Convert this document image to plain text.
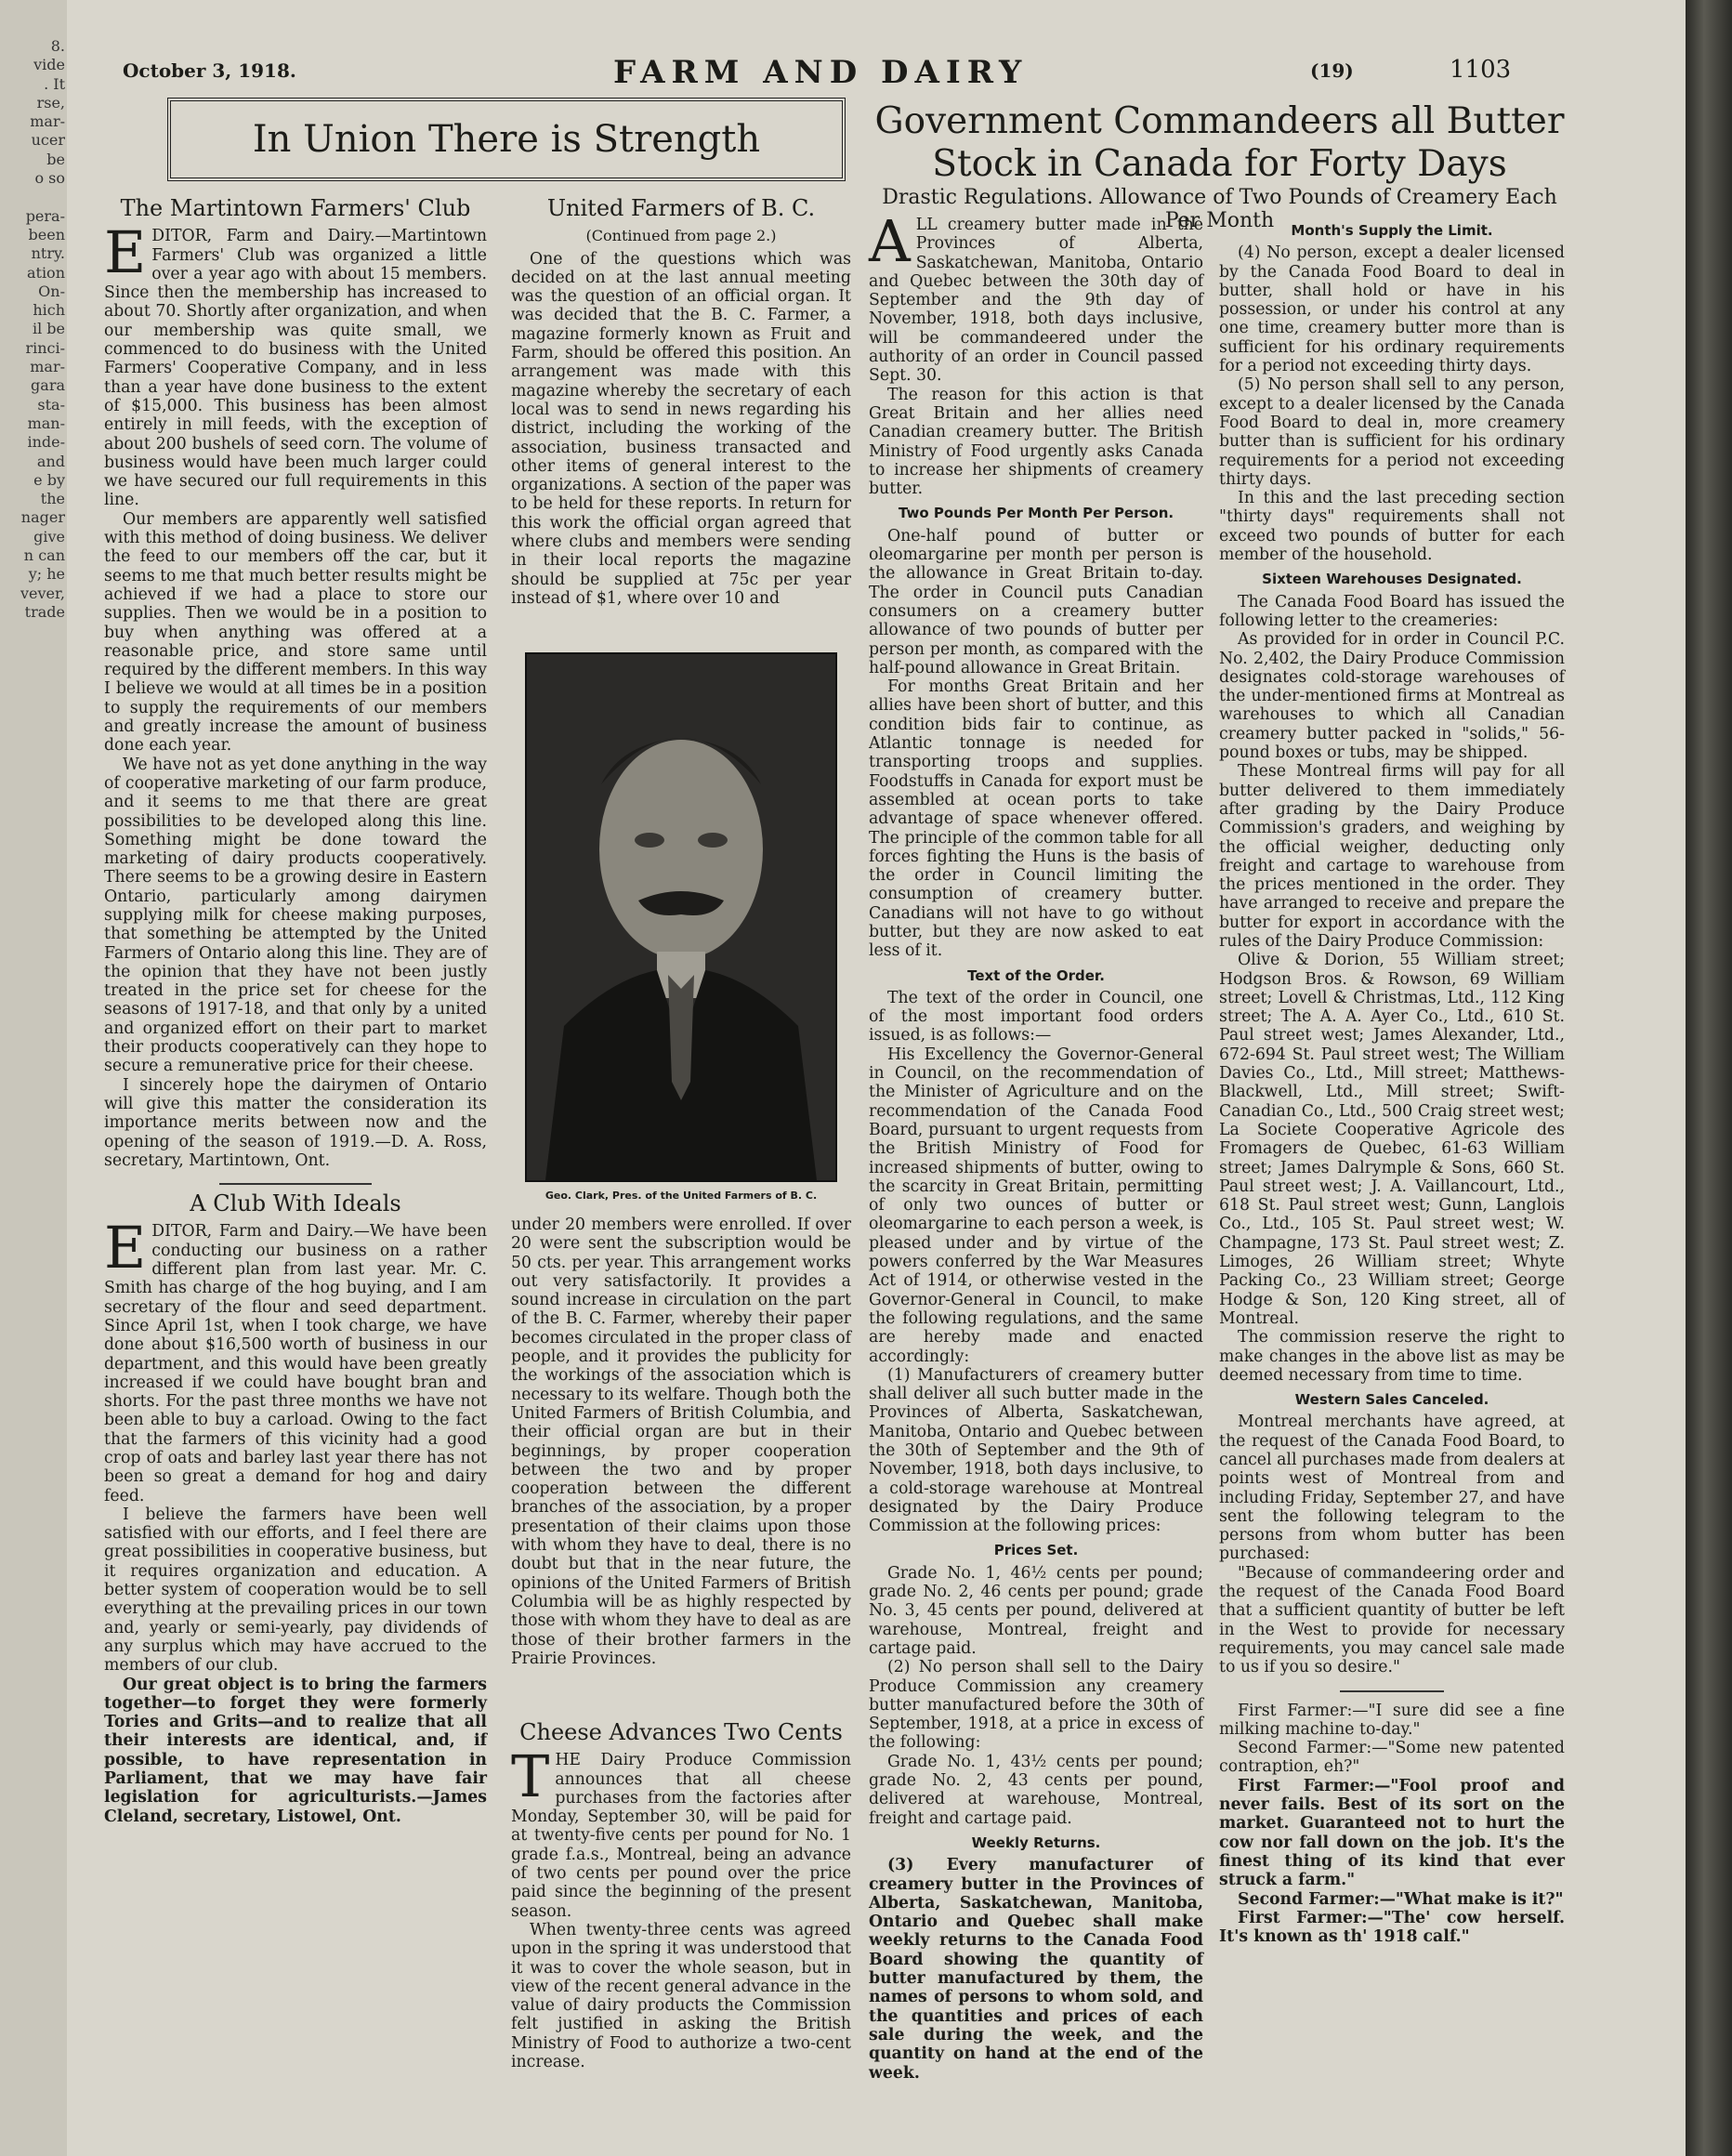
8.
vide
. It
rse,
mar-
ucer
be
o so
pera-
been
ntry.
ation
On-
hich
il be
rinci-
mar-
gara
sta-
man-
inde-
and
e by
the
nager
give
n can
y; he
vever,
trade
October 3, 1918.	FARM AND DAIRY	(19)	1103
In Union There is Strength	Government Commandeers all Butter Stock in Canada for Forty Days
Drastic Regulations. Allowance of Two Pounds of Creamery Each Per Month
The Martintown Farmers' Club

EDITOR, Farm and Dairy.—Martintown Farmers' Club was organized a little over a year ago with about 15 members. Since then the membership has increased to about 70. Shortly after organization, and when our membership was quite small, we commenced to do business with the United Farmers' Cooperative Company, and in less than a year have done business to the extent of $15,000. This business has been almost entirely in mill feeds, with the exception of about 200 bushels of seed corn. The volume of business would have been much larger could we have secured our full requirements in this line.

Our members are apparently well satisfied with this method of doing business. We deliver the feed to our members off the car, but it seems to me that much better results might be achieved if we had a place to store our supplies. Then we would be in a position to buy when anything was offered at a reasonable price, and store same until required by the different members. In this way I believe we would at all times be in a position to supply the requirements of our members and greatly increase the amount of business done each year.

We have not as yet done anything in the way of cooperative marketing of our farm produce, and it seems to me that there are great possibilities to be developed along this line. Something might be done toward the marketing of dairy products cooperatively. There seems to be a growing desire in Eastern Ontario, particularly among dairymen supplying milk for cheese making purposes, that something be attempted by the United Farmers of Ontario along this line. They are of the opinion that they have not been justly treated in the price set for cheese for the seasons of 1917-18, and that only by a united and organized effort on their part to market their products cooperatively can they hope to secure a remunerative price for their cheese.

I sincerely hope the dairymen of Ontario will give this matter the consideration its importance merits between now and the opening of the season of 1919.—D. A. Ross, secretary, Martintown, Ont.

A Club With Ideals

EDITOR, Farm and Dairy.—We have been conducting our business on a rather different plan from last year. Mr. C. Smith has charge of the hog buying, and I am secretary of the flour and seed department. Since April 1st, when I took charge, we have done about $16,500 worth of business in our department, and this would have been greatly increased if we could have bought bran and shorts. For the past three months we have not been able to buy a carload. Owing to the fact that the farmers of this vicinity had a good crop of oats and barley last year there has not been so great a demand for hog and dairy feed.

I believe the farmers have been well satisfied with our efforts, and I feel there are great possibilities in cooperative business, but it requires organization and education. A better system of cooperation would be to sell everything at the prevailing prices in our town and, yearly or semi-yearly, pay dividends of any surplus which may have accrued to the members of our club.

Our great object is to bring the farmers together—to forget they were formerly Tories and Grits—and to realize that all their interests are identical, and, if possible, to have representation in Parliament, that we may have fair legislation for agriculturists.—James Cleland, secretary, Listowel, Ont.

United Farmers of B. C.
(Continued from page 2.)

One of the questions which was decided on at the last annual meeting was the question of an official organ. It was decided that the B. C. Farmer, a magazine formerly known as Fruit and Farm, should be offered this position. An arrangement was made with this magazine whereby the secretary of each local was to send in news regarding his district, including the working of the association, business transacted and other items of general interest to the organizations. A section of the paper was to be held for these reports. In return for this work the official organ agreed that where clubs and members were sending in their local reports the magazine should be supplied at 75c per year instead of $1, where over 10 and

Geo. Clark, Pres. of the United Farmers of B. C.

under 20 members were enrolled. If over 20 were sent the subscription would be 50 cts. per year. This arrangement works out very satisfactorily. It provides a sound increase in circulation on the part of the B. C. Farmer, whereby their paper becomes circulated in the proper class of people, and it provides the publicity for the workings of the association which is necessary to its welfare. Though both the United Farmers of British Columbia, and their official organ are but in their beginnings, by proper cooperation between the two and by proper cooperation between the different branches of the association, by a proper presentation of their claims upon those with whom they have to deal, there is no doubt but that in the near future, the opinions of the United Farmers of British Columbia will be as highly respected by those with whom they have to deal as are those of their brother farmers in the Prairie Provinces.

Cheese Advances Two Cents

THE Dairy Produce Commission announces that all cheese purchases from the factories after Monday, September 30, will be paid for at twenty-five cents per pound for No. 1 grade f.a.s., Montreal, being an advance of two cents per pound over the price paid since the beginning of the present season.

When twenty-three cents was agreed upon in the spring it was understood that it was to cover the whole season, but in view of the recent general advance in the value of dairy products the Commission felt justified in asking the British Ministry of Food to authorize a two-cent increase.

ALL creamery butter made in the Provinces of Alberta, Saskatchewan, Manitoba, Ontario and Quebec between the 30th day of September and the 9th day of November, 1918, both days inclusive, will be commandeered under the authority of an order in Council passed Sept. 30.

The reason for this action is that Great Britain and her allies need Canadian creamery butter. The British Ministry of Food urgently asks Canada to increase her shipments of creamery butter.

Two Pounds Per Month Per Person.

One-half pound of butter or oleomargarine per month per person is the allowance in Great Britain to-day. The order in Council puts Canadian consumers on a creamery butter allowance of two pounds of butter per person per month, as compared with the half-pound allowance in Great Britain.

For months Great Britain and her allies have been short of butter, and this condition bids fair to continue, as Atlantic tonnage is needed for transporting troops and supplies. Foodstuffs in Canada for export must be assembled at ocean ports to take advantage of space whenever offered. The principle of the common table for all forces fighting the Huns is the basis of the order in Council limiting the consumption of creamery butter. Canadians will not have to go without butter, but they are now asked to eat less of it.

Text of the Order.

The text of the order in Council, one of the most important food orders issued, is as follows:—

His Excellency the Governor-General in Council, on the recommendation of the Minister of Agriculture and on the recommendation of the Canada Food Board, pursuant to urgent requests from the British Ministry of Food for increased shipments of butter, owing to the scarcity in Great Britain, permitting of only two ounces of butter or oleomargarine to each person a week, is pleased under and by virtue of the powers conferred by the War Measures Act of 1914, or otherwise vested in the Governor-General in Council, to make the following regulations, and the same are hereby made and enacted accordingly:

(1) Manufacturers of creamery butter shall deliver all such butter made in the Provinces of Alberta, Saskatchewan, Manitoba, Ontario and Quebec between the 30th of September and the 9th of November, 1918, both days inclusive, to a cold-storage warehouse at Montreal designated by the Dairy Produce Commission at the following prices:

Prices Set.

Grade No. 1, 46½ cents per pound; grade No. 2, 46 cents per pound; grade No. 3, 45 cents per pound, delivered at warehouse, Montreal, freight and cartage paid.

(2) No person shall sell to the Dairy Produce Commission any creamery butter manufactured before the 30th of September, 1918, at a price in excess of the following:

Grade No. 1, 43½ cents per pound; grade No. 2, 43 cents per pound, delivered at warehouse, Montreal, freight and cartage paid.

Weekly Returns.

(3) Every manufacturer of creamery butter in the Provinces of Alberta, Saskatchewan, Manitoba, Ontario and Quebec shall make weekly returns to the Canada Food Board showing the quantity of butter manufactured by them, the names of persons to whom sold, and the quantities and prices of each sale during the week, and the quantity on hand at the end of the week.

Month's Supply the Limit.

(4) No person, except a dealer licensed by the Canada Food Board to deal in butter, shall hold or have in his possession, or under his control at any one time, creamery butter more than is sufficient for his ordinary requirements for a period not exceeding thirty days.

(5) No person shall sell to any person, except to a dealer licensed by the Canada Food Board to deal in, more creamery butter than is sufficient for his ordinary requirements for a period not exceeding thirty days.

In this and the last preceding section "thirty days" requirements shall not exceed two pounds of butter for each member of the household.

Sixteen Warehouses Designated.

The Canada Food Board has issued the following letter to the creameries:

As provided for in order in Council P.C. No. 2,402, the Dairy Produce Commission designates cold-storage warehouses of the under-mentioned firms at Montreal as warehouses to which all Canadian creamery butter packed in "solids," 56-pound boxes or tubs, may be shipped.

These Montreal firms will pay for all butter delivered to them immediately after grading by the Dairy Produce Commission's graders, and weighing by the official weigher, deducting only freight and cartage to warehouse from the prices mentioned in the order. They have arranged to receive and prepare the butter for export in accordance with the rules of the Dairy Produce Commission:

Olive & Dorion, 55 William street; Hodgson Bros. & Rowson, 69 William street; Lovell & Christmas, Ltd., 112 King street; The A. A. Ayer Co., Ltd., 610 St. Paul street west; James Alexander, Ltd., 672-694 St. Paul street west; The William Davies Co., Ltd., Mill street; Matthews-Blackwell, Ltd., Mill street; Swift-Canadian Co., Ltd., 500 Craig street west; La Societe Cooperative Agricole des Fromagers de Quebec, 61-63 William street; James Dalrymple & Sons, 660 St. Paul street west; J. A. Vaillancourt, Ltd., 618 St. Paul street west; Gunn, Langlois Co., Ltd., 105 St. Paul street west; W. Champagne, 173 St. Paul street west; Z. Limoges, 26 William street; Whyte Packing Co., 23 William street; George Hodge & Son, 120 King street, all of Montreal.

The commission reserve the right to make changes in the above list as may be deemed necessary from time to time.

Western Sales Canceled.

Montreal merchants have agreed, at the request of the Canada Food Board, to cancel all purchases made from dealers at points west of Montreal from and including Friday, September 27, and have sent the following telegram to the persons from whom butter has been purchased:

"Because of commandeering order and the request of the Canada Food Board that a sufficient quantity of butter be left in the West to provide for necessary requirements, you may cancel sale made to us if you so desire."

First Farmer:—"I sure did see a fine milking machine to-day."

Second Farmer:—"Some new patented contraption, eh?"

First Farmer:—"Fool proof and never fails. Best of its sort on the market. Guaranteed not to hurt the cow nor fall down on the job. It's the finest thing of its kind that ever struck a farm."

Second Farmer:—"What make is it?"

First Farmer:—"The' cow herself. It's known as th' 1918 calf."
